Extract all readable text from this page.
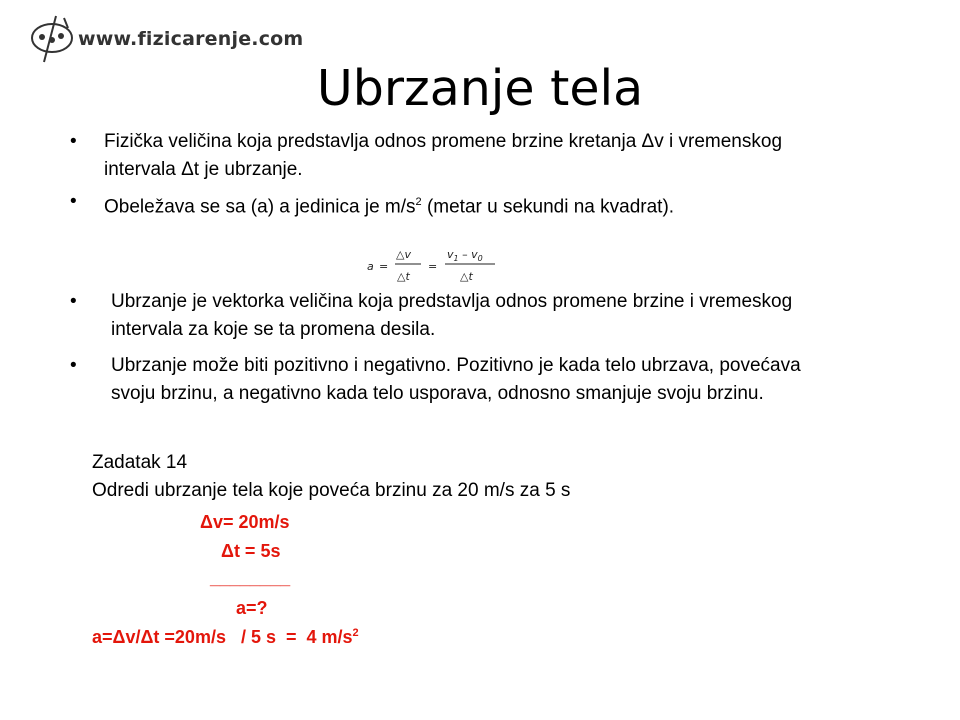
www.fizicarenje.com
Ubrzanje tela
• Fizička veličina koja predstavlja odnos promene brzine kretanja Δv i vremenskog
intervala Δt je ubrzanje.
• Obeležava se sa (a) a jedinica je $m/s^2$ (metar u sekundi na kvadrat).
• Ubrzanje je vektorka veličina koja predstavlja odnos promene brzine i vremeskog
intervala za koje se ta promena desila.
• Ubrzanje može biti pozitivno i negativno. Pozitivno je kada telo ubrzava, povećava
svoju brzinu, a negativno kada telo usporava, odnosno smanjuje svoju brzinu.
a =
△v
△t
=
$v_1 - v_0$
△t
Zadatak 14
Odredi ubrzanje tela koje poveća brzinu za 20 m/s za 5 s
Δv= 20m/s
Δt = 5s
________
a=?
a=Δv/Δt =20m/s   / 5 s  =  4 $m/s^2$
